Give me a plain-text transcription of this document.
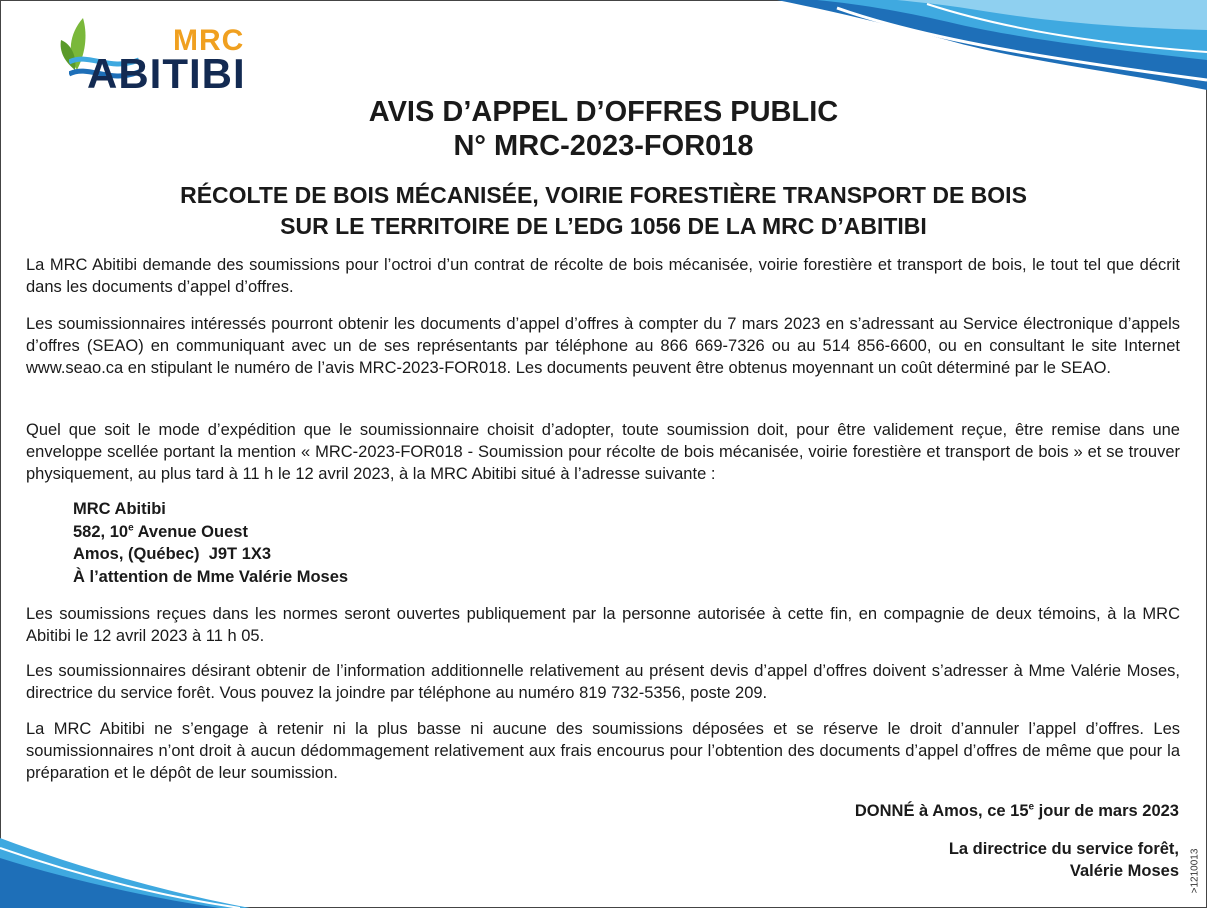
MRC
ABITIBI
AVIS D’APPEL D’OFFRES PUBLIC
N° MRC-2023-FOR018
RÉCOLTE DE BOIS MÉCANISÉE, VOIRIE FORESTIÈRE TRANSPORT DE BOIS
SUR LE TERRITOIRE DE L’EDG 1056 DE LA MRC D’ABITIBI
La MRC Abitibi demande des soumissions pour l’octroi d’un contrat de récolte de bois mécanisée, voirie forestière et transport de bois, le tout tel que décrit dans les documents d’appel d’offres.
Les soumissionnaires intéressés pourront obtenir les documents d’appel d’offres à compter du 7 mars 2023 en s’adressant au Service électronique d’appels d’offres (SEAO) en communiquant avec un de ses représentants par téléphone au 866 669-7326 ou au 514 856-6600, ou en consultant le site Internet www.seao.ca en stipulant le numéro de l’avis MRC-2023-FOR018. Les documents peuvent être obtenus moyennant un coût déterminé par le SEAO.
Quel que soit le mode d’expédition que le soumissionnaire choisit d’adopter, toute soumission doit, pour être validement reçue, être remise dans une enveloppe scellée portant la mention « MRC-2023-FOR018 - Soumission pour récolte de bois mécanisée, voirie forestière et transport de bois » et se trouver physiquement, au plus tard à 11 h le 12 avril 2023, à la MRC Abitibi situé à l’adresse suivante :
MRC Abitibi
582, 10e Avenue Ouest
Amos, (Québec)  J9T 1X3
À l’attention de Mme Valérie Moses
Les soumissions reçues dans les normes seront ouvertes publiquement par la personne autorisée à cette fin, en compagnie de deux témoins, à la MRC Abitibi le 12 avril 2023 à 11 h 05.
Les soumissionnaires désirant obtenir de l’information additionnelle relativement au présent devis d’appel d’offres doivent s’adresser à Mme Valérie Moses, directrice du service forêt. Vous pouvez la joindre par téléphone au numéro 819 732-5356, poste 209.
La MRC Abitibi ne s’engage à retenir ni la plus basse ni aucune des soumissions déposées et se réserve le droit d’annuler l’appel d’offres. Les soumissionnaires n’ont droit à aucun dédommagement relativement aux frais encourus pour l’obtention des documents d’appel d’offres de même que pour la préparation et le dépôt de leur soumission.
DONNÉ à Amos, ce 15e jour de mars 2023
La directrice du service forêt,
Valérie Moses >1210013
